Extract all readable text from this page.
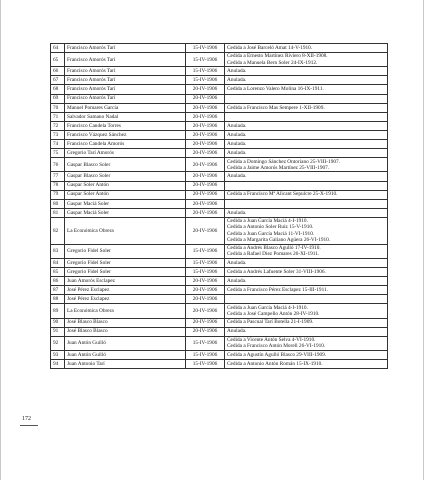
64	Francisco Amorós Tarí	15-IV-1906	Cedida a José Barceló Amat 14-V-1910.

65	Francisco Amorós Tarí	15-IV-1906	Cedida a Ernesto Martínez Riviero 8-XII-1908.
Cedida a Manuela Bern Soler 24-IX-1912.

66	Francisco Amorós Tarí	15-IV-1906	Anulada.

67	Francisco Amorós Tarí	15-IV-1906	Anulada.

68	Francisco Amorós Tarí	20-IV-1906	Cedida a Lorenzo Valero Molina 16-IX-1911.

69	Francisco Amorós Tarí	20-IV-1906	

70	Manuel Pomares García	20-IV-1906	Cedida a Francisco Mas Sempere 1-XII-1909.

71	Salvador Samano Nadal	20-IV-1906	

72	Francisco Candela Torres	20-IV-1906	Anulada.

73	Francisco Vázquez Sánchez	20-IV-1906	Anulada.

74	Francisco Candela Amorós	20-IV-1906	Anulada.

75	Gregorio Tarí Amorós	20-IV-1906	Anulada.

76	Gaspar Blasco Soler	20-IV-1906	Cedida a Domingo Sánchez Ontoriano 25-VIII-1907.
Cedida a Jaime Amorós Martínez 25-VIII-1907.

77	Gaspar Blasco Soler	20-IV-1906	Anulada.

78	Gaspar Soler Antón	20-IV-1906	

79	Gaspar Soler Antón	20-IV-1906	Cedida a Francisco Mª Alicant Sepulcre 25-X-1910.

80	Gaspar Maciá Soler	20-IV-1906	

81	Gaspar Maciá Soler	20-IV-1906	Anulada.

82	La Económica Obrera	20-IV-1906	Cedida a Juan García Maciá 4-I-1910.
Cedida a Antonio Soler Ruiz 15-V-1910.
Cedida a Juan García Maciá 11-VI-1910.
Cedida a Margarita Galiano Agüera 26-VI-1910.

83	Gregorio Fidel Soler	15-IV-1906	Cedida a Andrés Blasco Agulló 17-IV-1910.
Cedida a Rafael Diez Pomares 26-XI-1911.

84	Gregorio Fidel Soler	15-IV-1906	Anulada.

85	Gregorio Fidel Soler	15-IV-1906	Cedida a Andrés Lafuente Soler 31-VIII-1906.

86	Juan Amorós Esclapez	20-IV-1906	Anulada.

87	José Pérez Esclapez	20-IV-1906	Cedida a Francisco Pérez Esclapez 15-III-1911.

88	José Pérez Esclapez	20-IV-1906	

89	La Económica Obrera	20-IV-1906	Cedida a Juan García Maciá 4-I-1910.
Cedida a José Campello Antón 28-IV-1910.

90	José Blasco Blasco	20-IV-1906	Cedida a Pascual Tarí Botella 21-I-1909.

91	José Blasco Blasco	20-IV-1906	Anulada.

92	Juan Antón Guilló	15-IV-1906	Cedida a Vicente Antón Selva 4-VI-1910.
Cedida a Francisco Antón Morell 26-VI-1910.

93	Juan Antón Guilló	15-IV-1906	Cedida a Agustín Agulló Blasco 29-VIII-1909.

94	Juan Antonio Tarí	15-IV-1906	Cedida a Antonio Antón Román 15-IX-1910.
172
